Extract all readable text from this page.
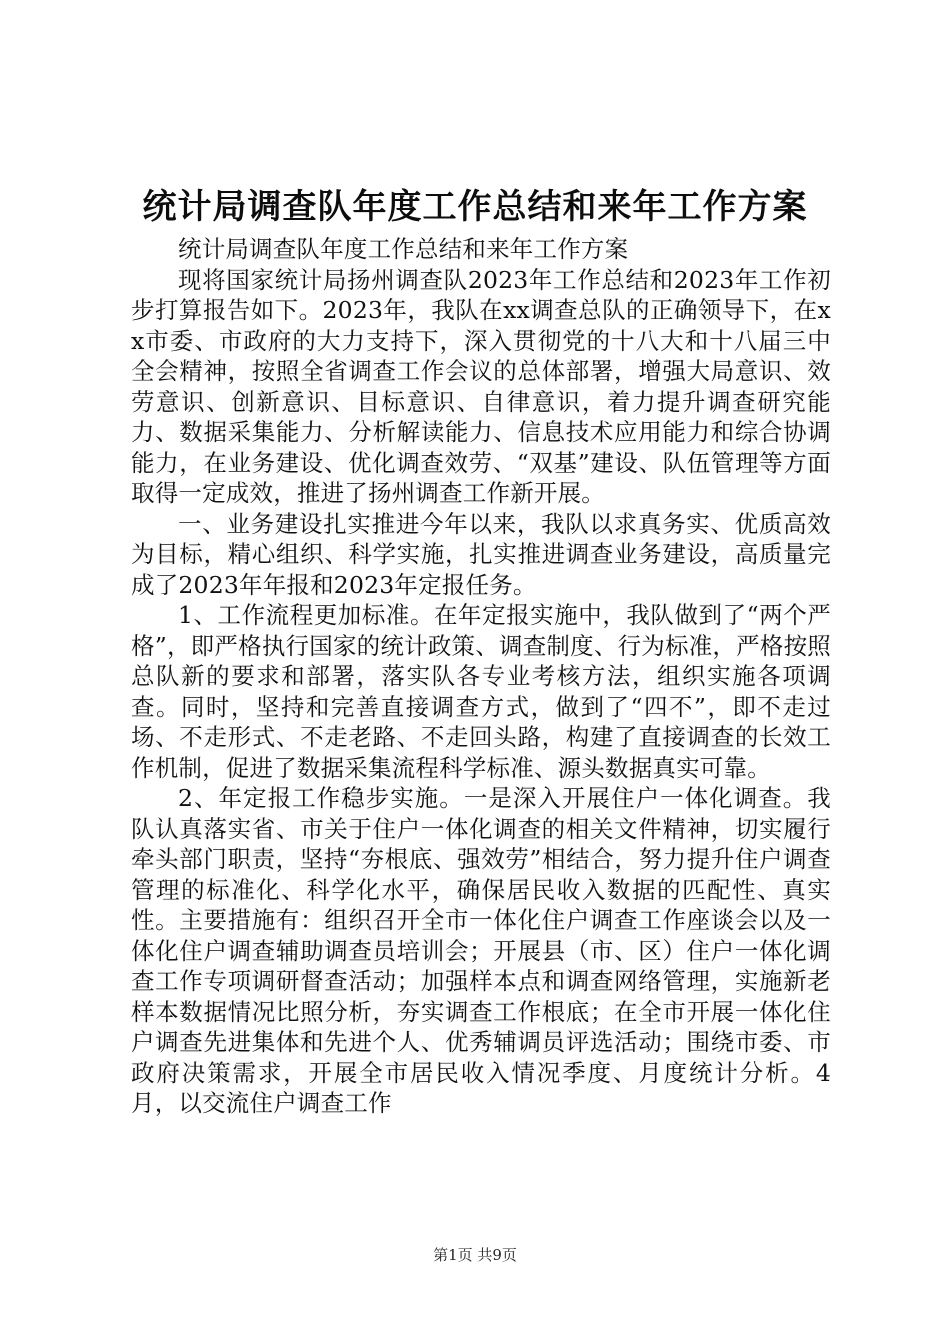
统计局调查队年度工作总结和来年工作方案

统计局调查队年度工作总结和来年工作方案

现将国家统计局扬州调查队2023年工作总结和2023年工作初步打算报告如下。2023年，我队在xx调查总队的正确领导下，在xx市委、市政府的大力支持下，深入贯彻党的十八大和十八届三中全会精神，按照全省调查工作会议的总体部署，增强大局意识、效劳意识、创新意识、目标意识、自律意识，着力提升调查研究能力、数据采集能力、分析解读能力、信息技术应用能力和综合协调能力，在业务建设、优化调查效劳、“双基”建设、队伍管理等方面取得一定成效，推进了扬州调查工作新开展。

一、业务建设扎实推进今年以来，我队以求真务实、优质高效为目标，精心组织、科学实施，扎实推进调查业务建设，高质量完成了2023年年报和2023年定报任务。

1、工作流程更加标准。在年定报实施中，我队做到了“两个严格”，即严格执行国家的统计政策、调查制度、行为标准，严格按照总队新的要求和部署，落实队各专业考核方法，组织实施各项调查。同时，坚持和完善直接调查方式，做到了“四不”，即不走过场、不走形式、不走老路、不走回头路，构建了直接调查的长效工作机制，促进了数据采集流程科学标准、源头数据真实可靠。

2、年定报工作稳步实施。一是深入开展住户一体化调查。我队认真落实省、市关于住户一体化调查的相关文件精神，切实履行牵头部门职责，坚持“夯根底、强效劳”相结合，努力提升住户调查管理的标准化、科学化水平，确保居民收入数据的匹配性、真实性。主要措施有：组织召开全市一体化住户调查工作座谈会以及一体化住户调查辅助调查员培训会；开展县（市、区）住户一体化调查工作专项调研督查活动；加强样本点和调查网络管理，实施新老样本数据情况比照分析，夯实调查工作根底；在全市开展一体化住户调查先进集体和先进个人、优秀辅调员评选活动；围绕市委、市政府决策需求，开展全市居民收入情况季度、月度统计分析。4月，以交流住户调查工作

第1页 共9页
